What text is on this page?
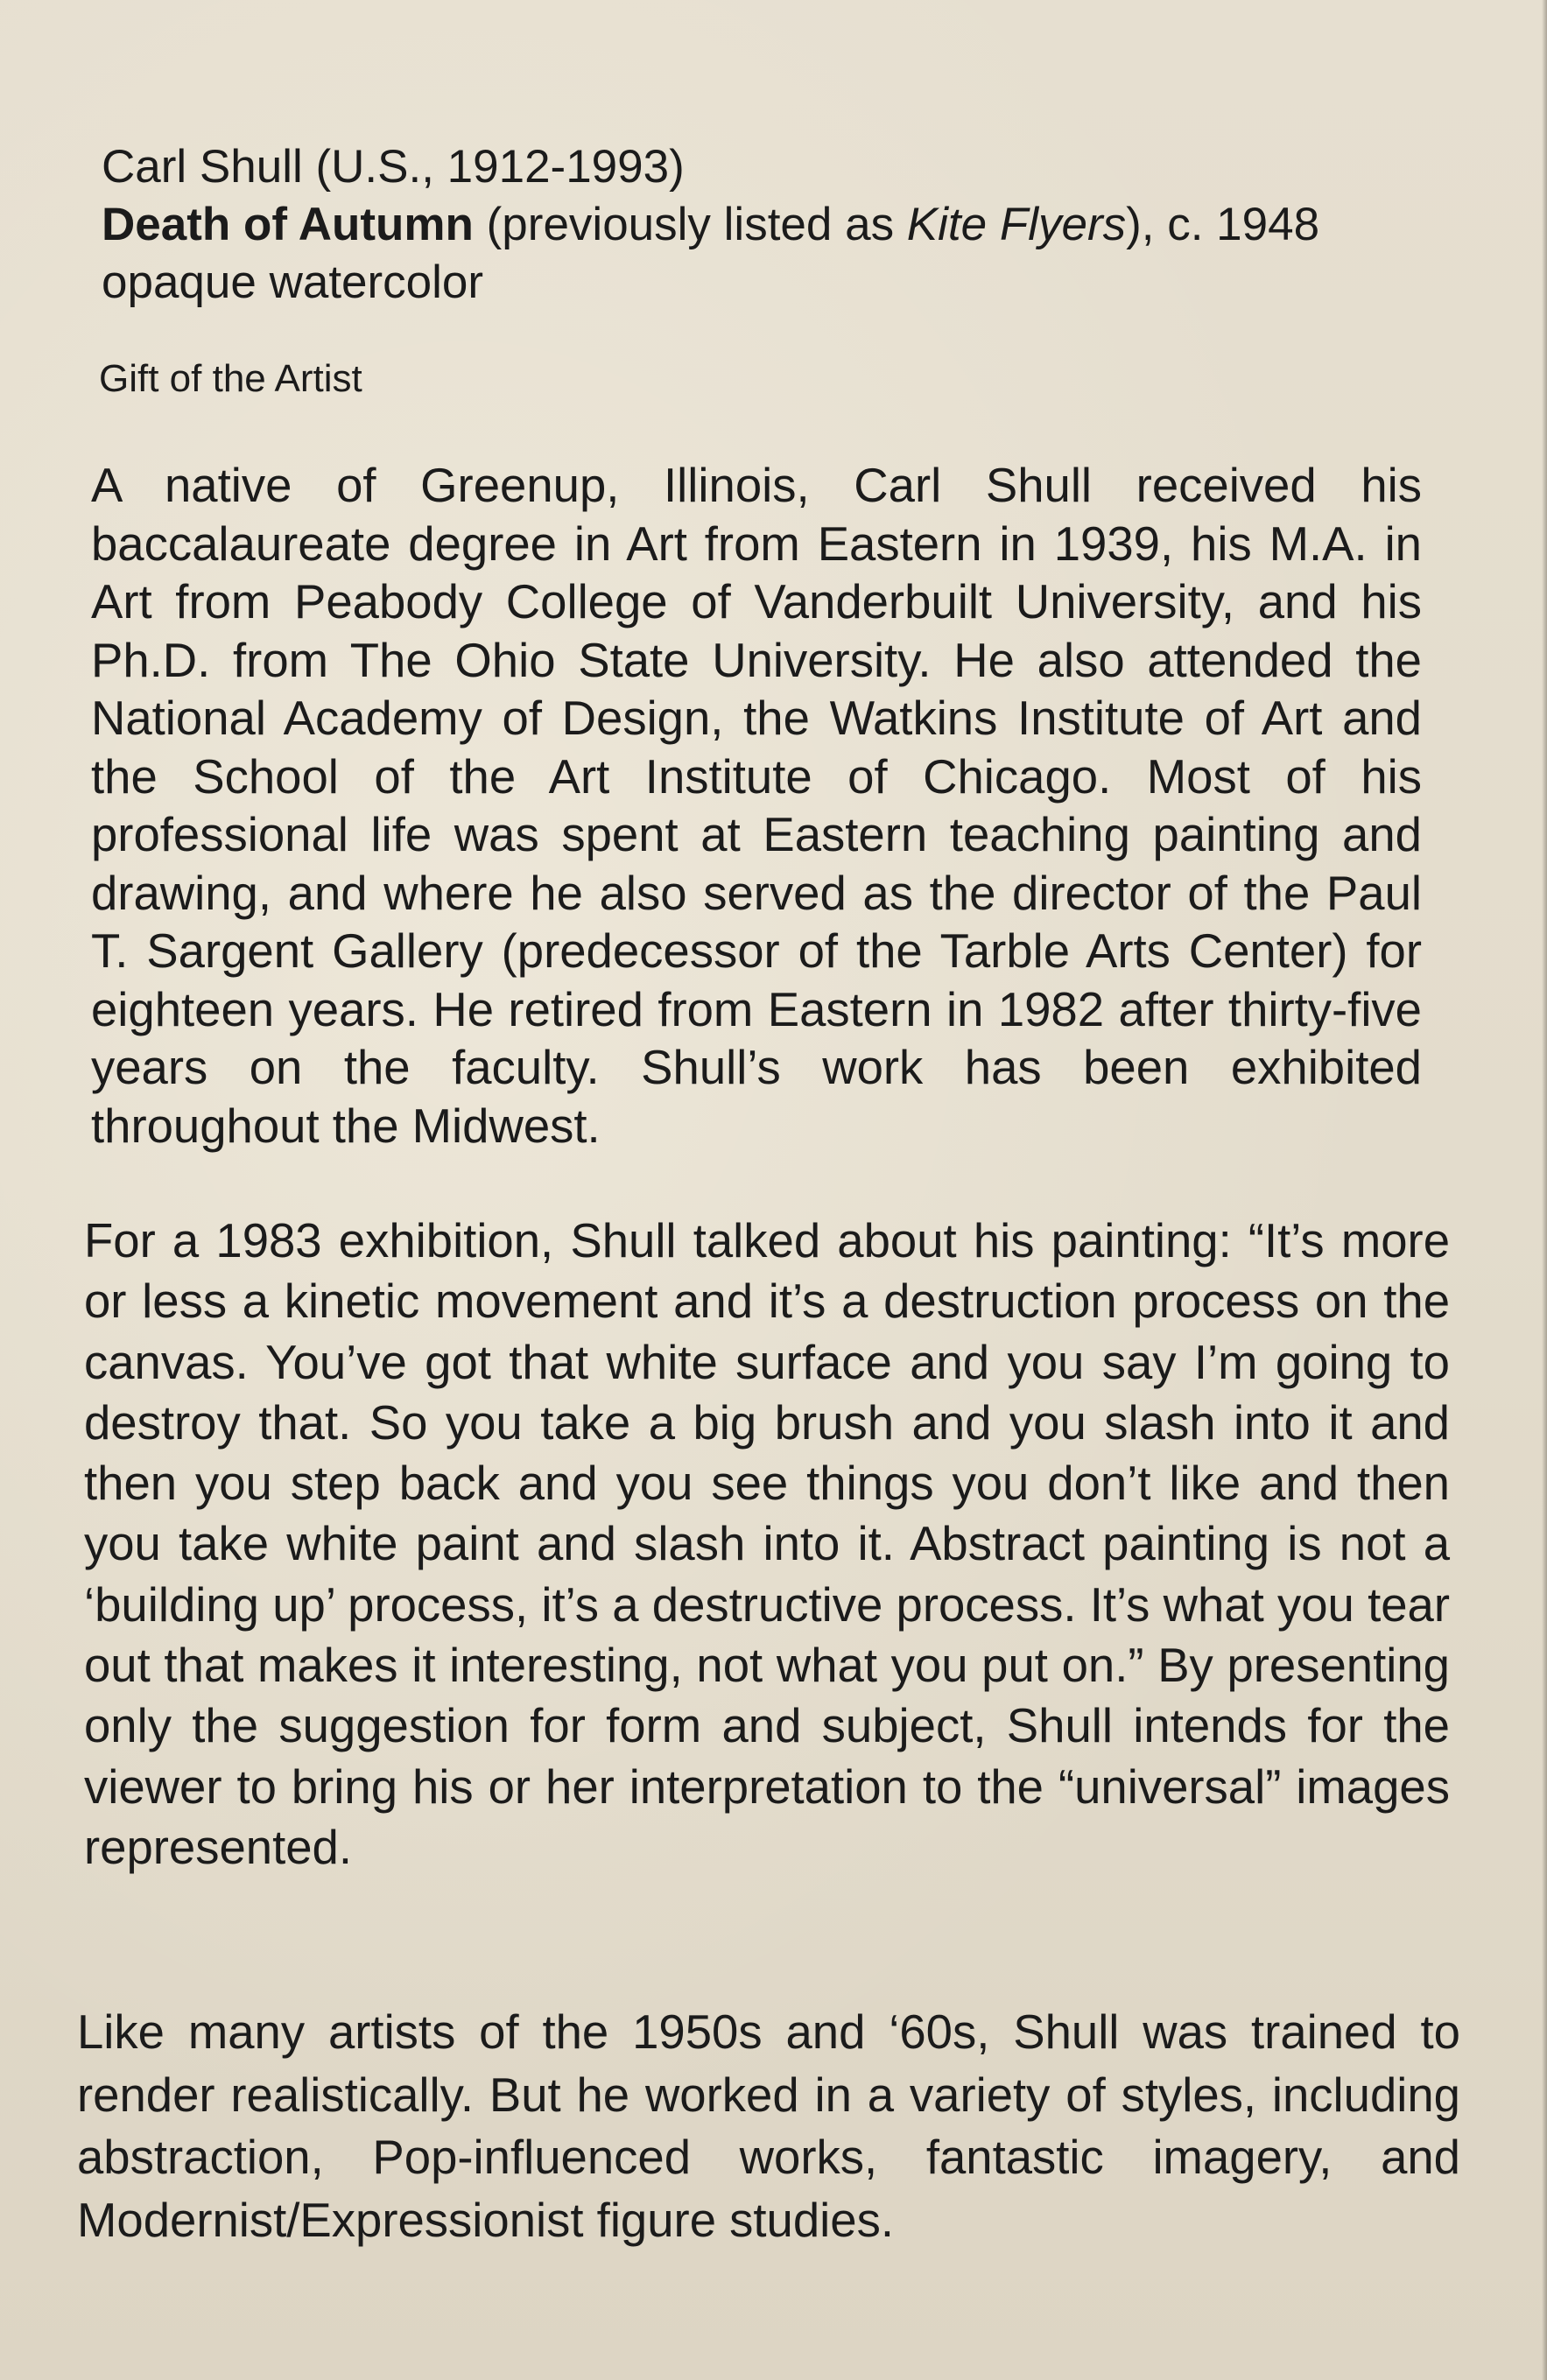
Carl Shull (U.S., 1912-1993)
Death of Autumn (previously listed as Kite Flyers), c. 1948
opaque watercolor
Gift of the Artist
A native of Greenup, Illinois, Carl Shull received his baccalaureate degree in Art from Eastern in 1939, his M.A. in Art from Peabody College of Vanderbuilt University, and his Ph.D. from The Ohio State University. He also attended the National Academy of Design, the Watkins Institute of Art and the School of the Art Institute of Chicago. Most of his professional life was spent at Eastern teaching painting and drawing, and where he also served as the director of the Paul T. Sargent Gallery (predecessor of the Tarble Arts Center) for eighteen years. He retired from Eastern in 1982 after thirty-five years on the faculty. Shull’s work has been exhibited throughout the Midwest.
For a 1983 exhibition, Shull talked about his painting: “It’s more or less a kinetic movement and it’s a destruction process on the canvas. You’ve got that white surface and you say I’m going to destroy that. So you take a big brush and you slash into it and then you step back and you see things you don’t like and then you take white paint and slash into it. Abstract painting is not a ‘building up’ process, it’s a destructive process. It’s what you tear out that makes it interesting, not what you put on.” By presenting only the suggestion for form and subject, Shull intends for the viewer to bring his or her interpretation to the “universal” images represented.
Like many artists of the 1950s and ‘60s, Shull was trained to render realistically. But he worked in a variety of styles, including abstraction, Pop-influenced works, fantastic imagery, and Modernist/Expressionist figure studies.
